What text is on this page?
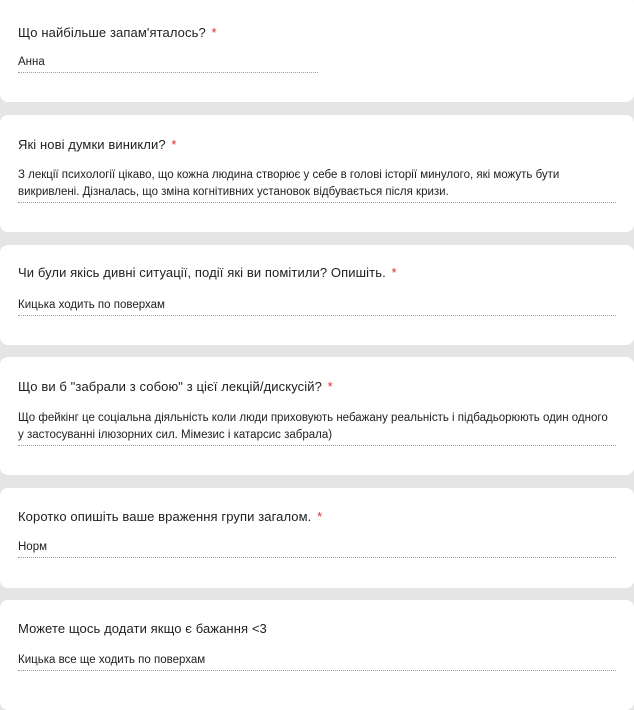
Що найбільше запам'яталось? *
Анна
Які нові думки виникли? *
З лекції психології цікаво, що кожна людина створює у себе в голові історії минулого, які можуть бути викривлені. Дізналась, що зміна когнітивних установок відбувається після кризи.
Чи були якісь дивні ситуації, події які ви помітили? Опишіть. *
Кицька ходить по поверхам
Що ви б "забрали з собою" з цієї лекцій/дискусій? *
Що фейкінг це соціальна діяльність коли люди приховують небажану реальність і підбадьорюють один одного у застосуванні ілюзорних сил. Мімезис і катарсис забрала)
Коротко опишіть ваше враження групи загалом. *
Норм
Можете щось додати якщо є бажання <3
Кицька все ще ходить по поверхам
